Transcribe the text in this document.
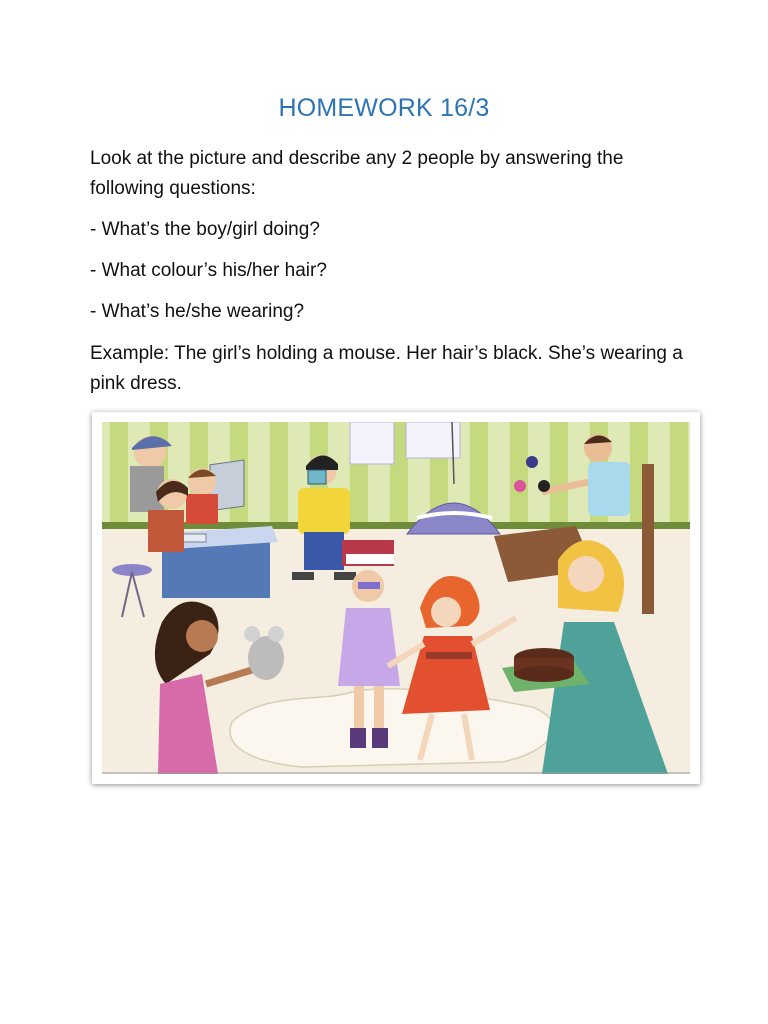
HOMEWORK 16/3
Look at the picture and describe any 2 people by answering the following questions:
- What’s the boy/girl doing?
- What colour’s his/her hair?
- What’s he/she wearing?
Example: The girl’s holding a mouse. Her hair’s black. She’s wearing a pink dress.
